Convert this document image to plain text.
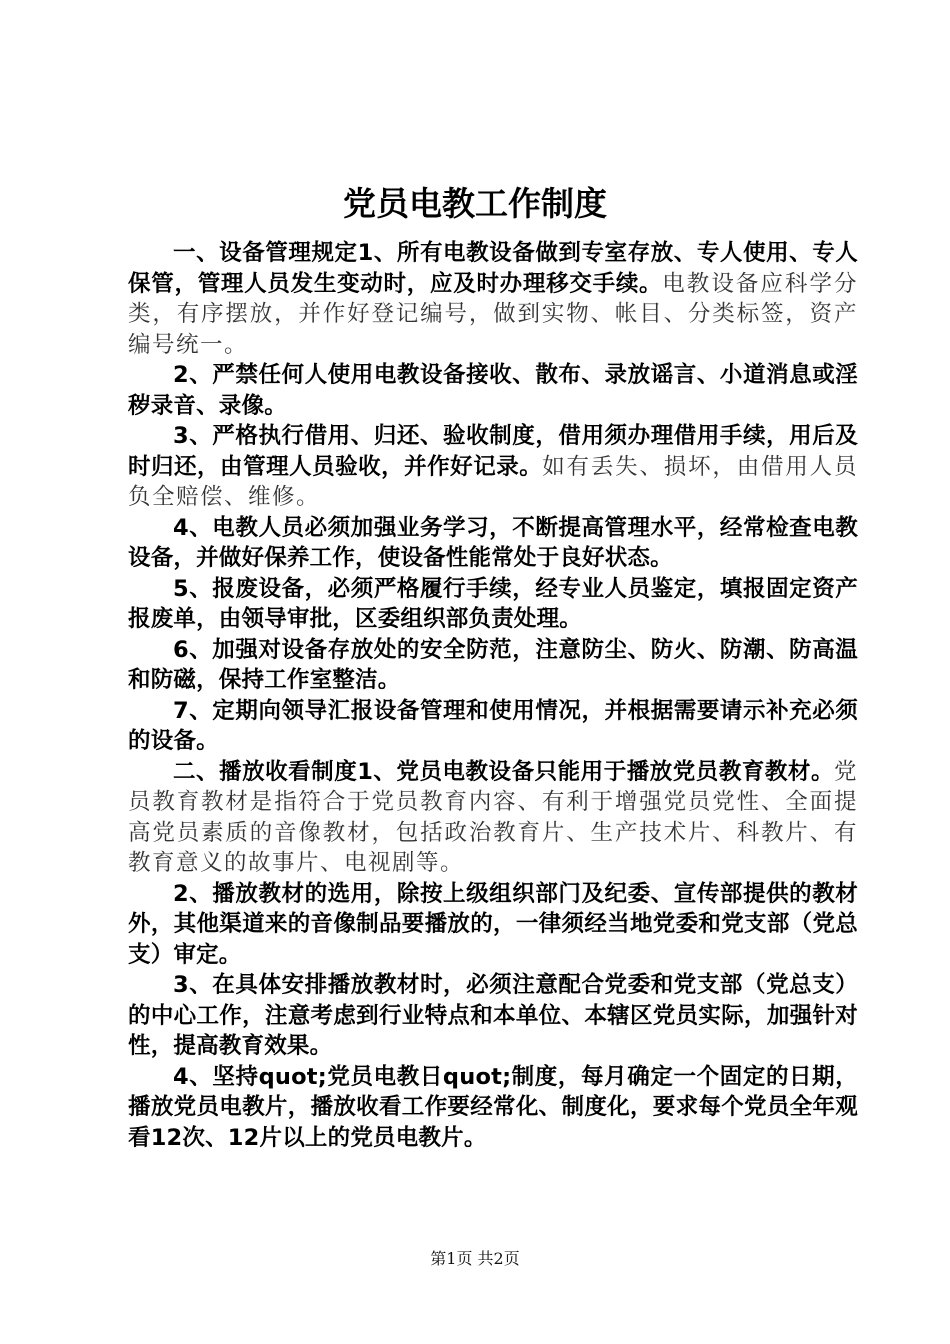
党员电教工作制度

一、设备管理规定1、所有电教设备做到专室存放、专人使用、专人保管，管理人员发生变动时，应及时办理移交手续。电教设备应科学分类，有序摆放，并作好登记编号，做到实物、帐目、分类标签，资产编号统一。

2、严禁任何人使用电教设备接收、散布、录放谣言、小道消息或淫秽录音、录像。

3、严格执行借用、归还、验收制度，借用须办理借用手续，用后及时归还，由管理人员验收，并作好记录。如有丢失、损坏，由借用人员负全赔偿、维修。

4、电教人员必须加强业务学习，不断提高管理水平，经常检查电教设备，并做好保养工作，使设备性能常处于良好状态。

5、报废设备，必须严格履行手续，经专业人员鉴定，填报固定资产报废单，由领导审批，区委组织部负责处理。

6、加强对设备存放处的安全防范，注意防尘、防火、防潮、防高温和防磁，保持工作室整洁。

7、定期向领导汇报设备管理和使用情况，并根据需要请示补充必须的设备。

二、播放收看制度1、党员电教设备只能用于播放党员教育教材。党员教育教材是指符合于党员教育内容、有利于增强党员党性、全面提高党员素质的音像教材，包括政治教育片、生产技术片、科教片、有教育意义的故事片、电视剧等。

2、播放教材的选用，除按上级组织部门及纪委、宣传部提供的教材外，其他渠道来的音像制品要播放的，一律须经当地党委和党支部（党总支）审定。

3、在具体安排播放教材时，必须注意配合党委和党支部（党总支）的中心工作，注意考虑到行业特点和本单位、本辖区党员实际，加强针对性，提高教育效果。

4、坚持quot;党员电教日quot;制度，每月确定一个固定的日期，播放党员电教片，播放收看工作要经常化、制度化，要求每个党员全年观看12次、12片以上的党员电教片。

第1页 共2页
